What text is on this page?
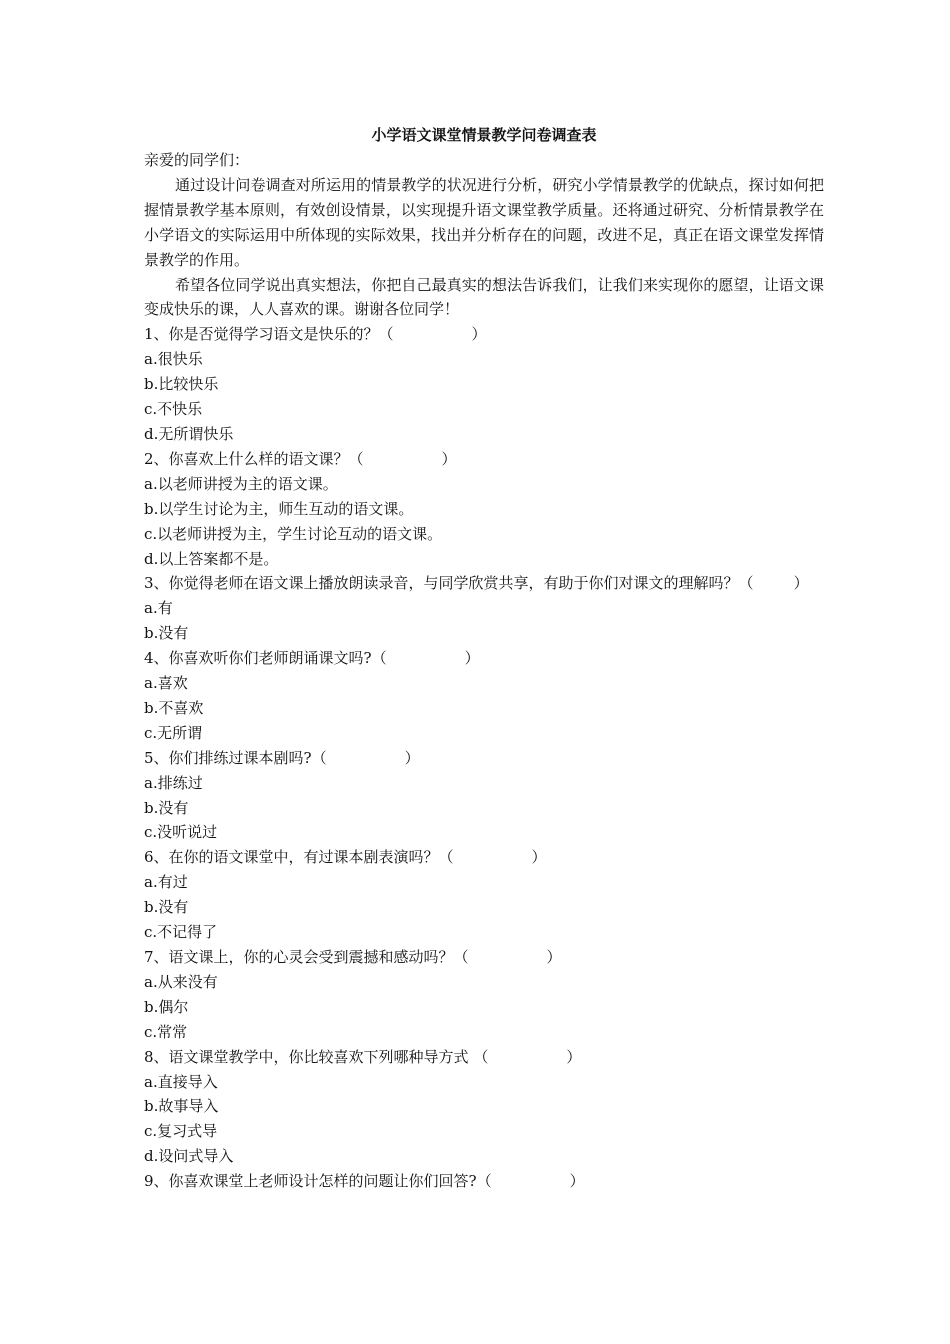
小学语文课堂情景教学问卷调查表

亲爱的同学们：

通过设计问卷调查对所运用的情景教学的状况进行分析，研究小学情景教学的优缺点，探讨如何把握情景教学基本原则，有效创设情景，以实现提升语文课堂教学质量。还将通过研究、分析情景教学在小学语文的实际运用中所体现的实际效果，找出并分析存在的问题，改进不足，真正在语文课堂发挥情景教学的作用。

希望各位同学说出真实想法，你把自己最真实的想法告诉我们，让我们来实现你的愿望，让语文课变成快乐的课，人人喜欢的课。谢谢各位同学！

1、你是否觉得学习语文是快乐的？（	）

a.很快乐

b.比较快乐

c.不快乐

d.无所谓快乐

2、你喜欢上什么样的语文课？（	）

a.以老师讲授为主的语文课。

b.以学生讨论为主，师生互动的语文课。

c.以老师讲授为主，学生讨论互动的语文课。

d.以上答案都不是。

3、你觉得老师在语文课上播放朗读录音，与同学欣赏共享，有助于你们对课文的理解吗？（	）

a.有

b.没有

4、你喜欢听你们老师朗诵课文吗?（	）

a.喜欢

b.不喜欢

c.无所谓

5、你们排练过课本剧吗?（	）

a.排练过

b.没有

c.没听说过

6、在你的语文课堂中，有过课本剧表演吗？（	）

a.有过

b.没有

c.不记得了

7、语文课上，你的心灵会受到震撼和感动吗？（	）

a.从来没有

b.偶尔

c.常常

8、语文课堂教学中，你比较喜欢下列哪种导方式 （	）

a.直接导入

b.故事导入

c.复习式导

d.设问式导入

9、你喜欢课堂上老师设计怎样的问题让你们回答?（	）
